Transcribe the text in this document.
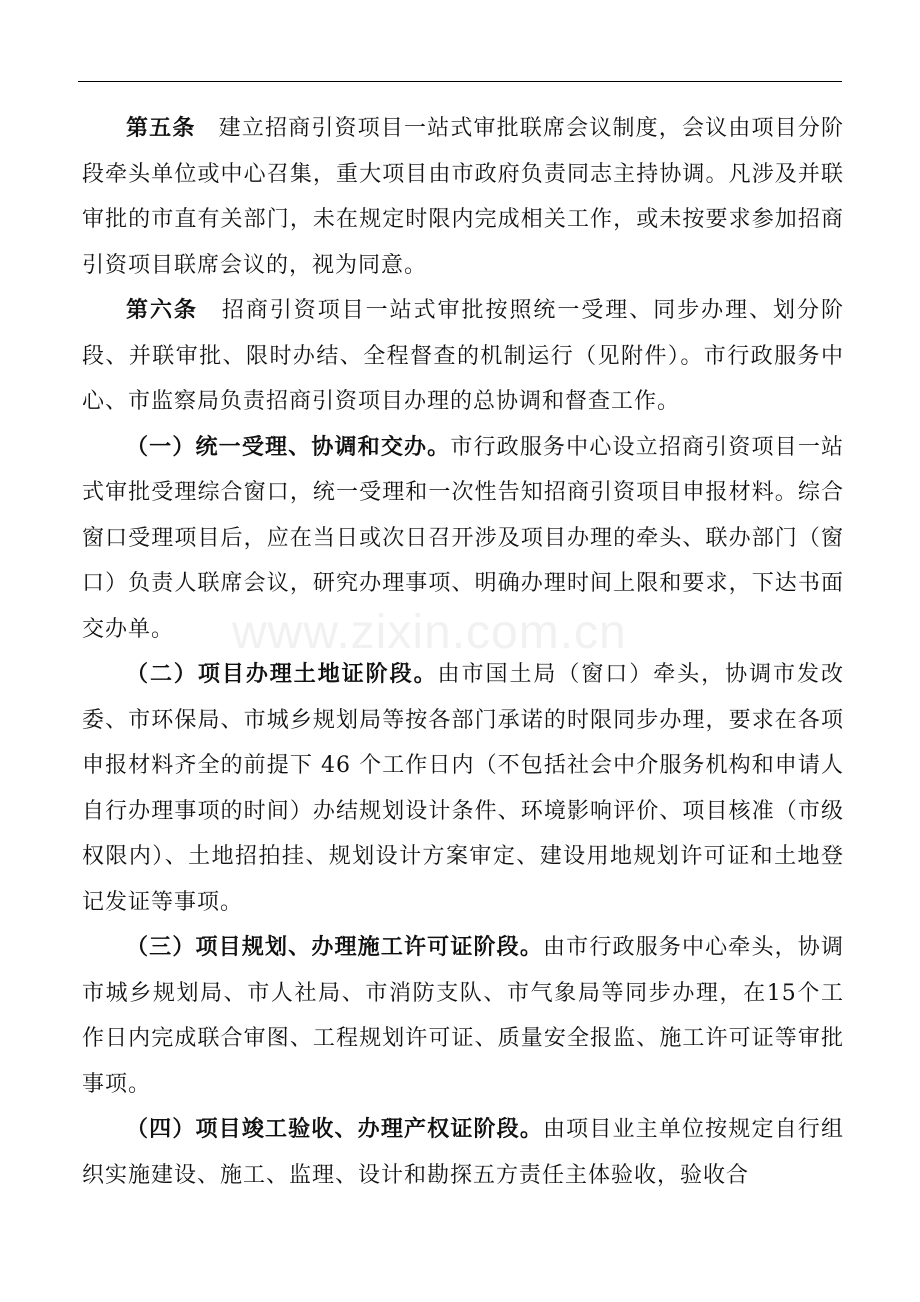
www.zixin.com.cn

第五条　 建立招商引资项目一站式审批联席会议制度，会议由项目分阶段牵头单位或中心召集，重大项目由市政府负责同志主持协调。凡涉及并联审批的市直有关部门，未在规定时限内完成相关工作，或未按要求参加招商引资项目联席会议的，视为同意。

第六条　 招商引资项目一站式审批按照统一受理、同步办理、划分阶段、并联审批、限时办结、全程督查的机制运行（见附件）。市行政服务中心、市监察局负责招商引资项目办理的总协调和督查工作。

（一）统一受理、协调和交办。市行政服务中心设立招商引资项目一站式审批受理综合窗口，统一受理和一次性告知招商引资项目申报材料。综合窗口受理项目后，应在当日或次日召开涉及项目办理的牵头、联办部门（窗口）负责人联席会议，研究办理事项、明确办理时间上限和要求，下达书面交办单。

（二）项目办理土地证阶段。由市国土局（窗口）牵头，协调市发改委、市环保局、市城乡规划局等按各部门承诺的时限同步办理，要求在各项申报材料齐全的前提下 46 个工作日内（不包括社会中介服务机构和申请人自行办理事项的时间）办结规划设计条件、环境影响评价、项目核准（市级权限内）、土地招拍挂、规划设计方案审定、建设用地规划许可证和土地登记发证等事项。

（三）项目规划、办理施工许可证阶段。由市行政服务中心牵头，协调市城乡规划局、市人社局、市消防支队、市气象局等同步办理，在15个工作日内完成联合审图、工程规划许可证、质量安全报监、施工许可证等审批事项。

（四）项目竣工验收、办理产权证阶段。由项目业主单位按规定自行组织实施建设、施工、监理、设计和勘探五方责任主体验收，验收合
